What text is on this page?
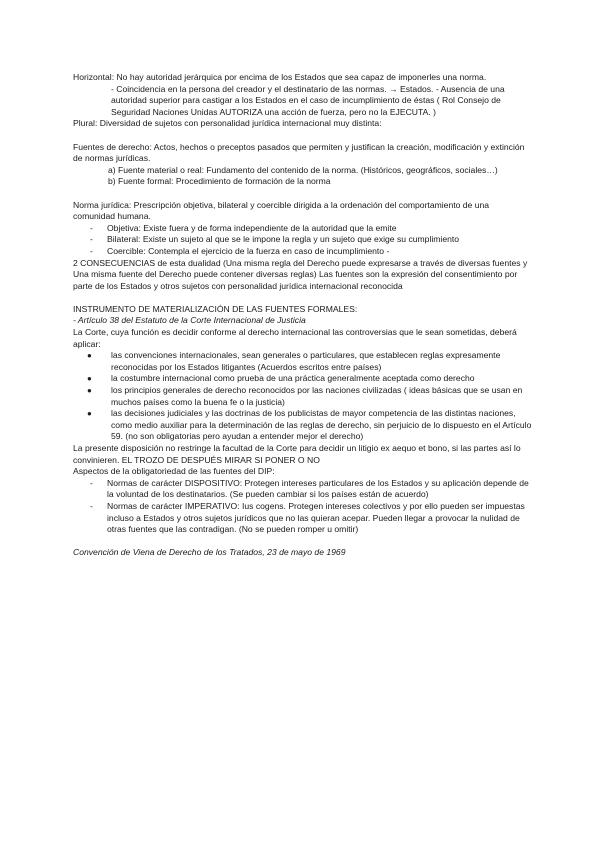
Horizontal: No hay autoridad jerárquica por encima de los Estados que sea capaz de imponerles una norma.

- Coincidencia en la persona del creador y el destinatario de las normas. → Estados. - Ausencia de una autoridad superior para castigar a los Estados en el caso de incumplimiento de éstas ( Rol Consejo de Seguridad Naciones Unidas AUTORIZA una acción de fuerza, pero no la EJECUTA. )

Plural: Diversidad de sujetos con personalidad jurídica internacional muy distinta:

Fuentes de derecho: Actos, hechos o preceptos pasados que permiten y justifican la creación, modificación y extinción de normas jurídicas.

a) Fuente material o real: Fundamento del contenido de la norma. (Históricos, geográficos, sociales…)

b) Fuente formal: Procedimiento de formación de la norma

Norma jurídica: Prescripción objetiva, bilateral y coercible dirigida a la ordenación del comportamiento de una comunidad humana.

- Objetiva: Existe fuera y de forma independiente de la autoridad que la emite
- Bilateral: Existe un sujeto al que se le impone la regla y un sujeto que exige su cumplimiento
- Coercible: Contempla el ejercicio de la fuerza en caso de incumplimiento -

2 CONSECUENCIAS de esta dualidad (Una misma regla del Derecho puede expresarse a través de diversas fuentes y Una misma fuente del Derecho puede contener diversas reglas) Las fuentes son la expresión del consentimiento por parte de los Estados y otros sujetos con personalidad jurídica internacional reconocida

INSTRUMENTO DE MATERIALIZACIÓN DE LAS FUENTES FORMALES:

- Artículo 38 del Estatuto de la Corte Internacional de Justicia

La Corte, cuya función es decidir conforme al derecho internacional las controversias que le sean sometidas, deberá aplicar:

● las convenciones internacionales, sean generales o particulares, que establecen reglas expresamente reconocidas por los Estados litigantes (Acuerdos escritos entre países)
● la costumbre internacional como prueba de una práctica generalmente aceptada como derecho
● los principios generales de derecho reconocidos por las naciones civilizadas ( ideas básicas que se usan en muchos países como la buena fe o la justicia)
● las decisiones judiciales y las doctrinas de los publicistas de mayor competencia de las distintas naciones, como medio auxiliar para la determinación de las reglas de derecho, sin perjuicio de lo dispuesto en el Artículo 59. (no son obligatorias pero ayudan a entender mejor el derecho)

La presente disposición no restringe la facultad de la Corte para decidir un litigio ex aequo et bono, si las partes así lo convinieren. EL TROZO DE DESPUÉS MIRAR SI PONER O NO

Aspectos de la obligatoriedad de las fuentes del DIP:

- Normas de carácter DISPOSITIVO: Protegen intereses particulares de los Estados y su aplicación depende de la voluntad de los destinatarios. (Se pueden cambiar si los países están de acuerdo)
- Normas de carácter IMPERATIVO: Ius cogens. Protegen intereses colectivos y por ello pueden ser impuestas incluso a Estados y otros sujetos jurídicos que no las quieran acepar. Pueden llegar a provocar la nulidad de otras fuentes que las contradigan. (No se pueden romper u omitir)

Convención de Viena de Derecho de los Tratados, 23 de mayo de 1969
